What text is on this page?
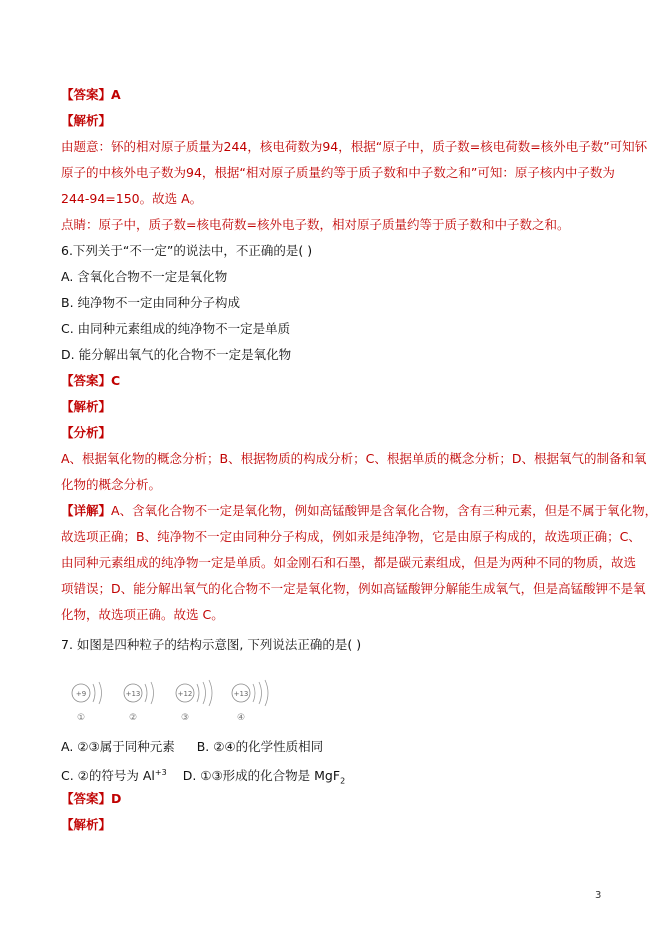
【答案】A
【解析】
由题意：钚的相对原子质量为244，核电荷数为94，根据“原子中，质子数=核电荷数=核外电子数”可知钚
原子的中核外电子数为94，根据“相对原子质量约等于质子数和中子数之和”可知：原子核内中子数为
244-94=150。故选 A。
点睛：原子中，质子数=核电荷数=核外电子数，相对原子质量约等于质子数和中子数之和。
6.下列关于“不一定”的说法中，不正确的是( )
A. 含氧化合物不一定是氧化物
B. 纯净物不一定由同种分子构成
C. 由同种元素组成的纯净物不一定是单质
D. 能分解出氧气的化合物不一定是氧化物
【答案】C
【解析】
【分析】
A、根据氧化物的概念分析；B、根据物质的构成分析；C、根据单质的概念分析；D、根据氧气的制备和氧
化物的概念分析。
【详解】A、含氧化合物不一定是氧化物，例如高锰酸钾是含氧化合物，含有三种元素，但是不属于氧化物，
故选项正确；B、纯净物不一定由同种分子构成，例如汞是纯净物，它是由原子构成的，故选项正确；C、
由同种元素组成的纯净物一定是单质。如金刚石和石墨，都是碳元素组成，但是为两种不同的物质，故选
项错误；D、能分解出氧气的化合物不一定是氧化物，例如高锰酸钾分解能生成氧气，但是高锰酸钾不是氧
化物，故选项正确。故选 C。
7. 如图是四种粒子的结构示意图, 下列说法正确的是( )
+9
①
+13
②
+12
③
+13
④
A. ②③属于同种元素 B. ②④的化学性质相同
C. ②的符号为 $Al^{+3}$ D. ①③形成的化合物是 MgF$_2$
【答案】D
【解析】
3
